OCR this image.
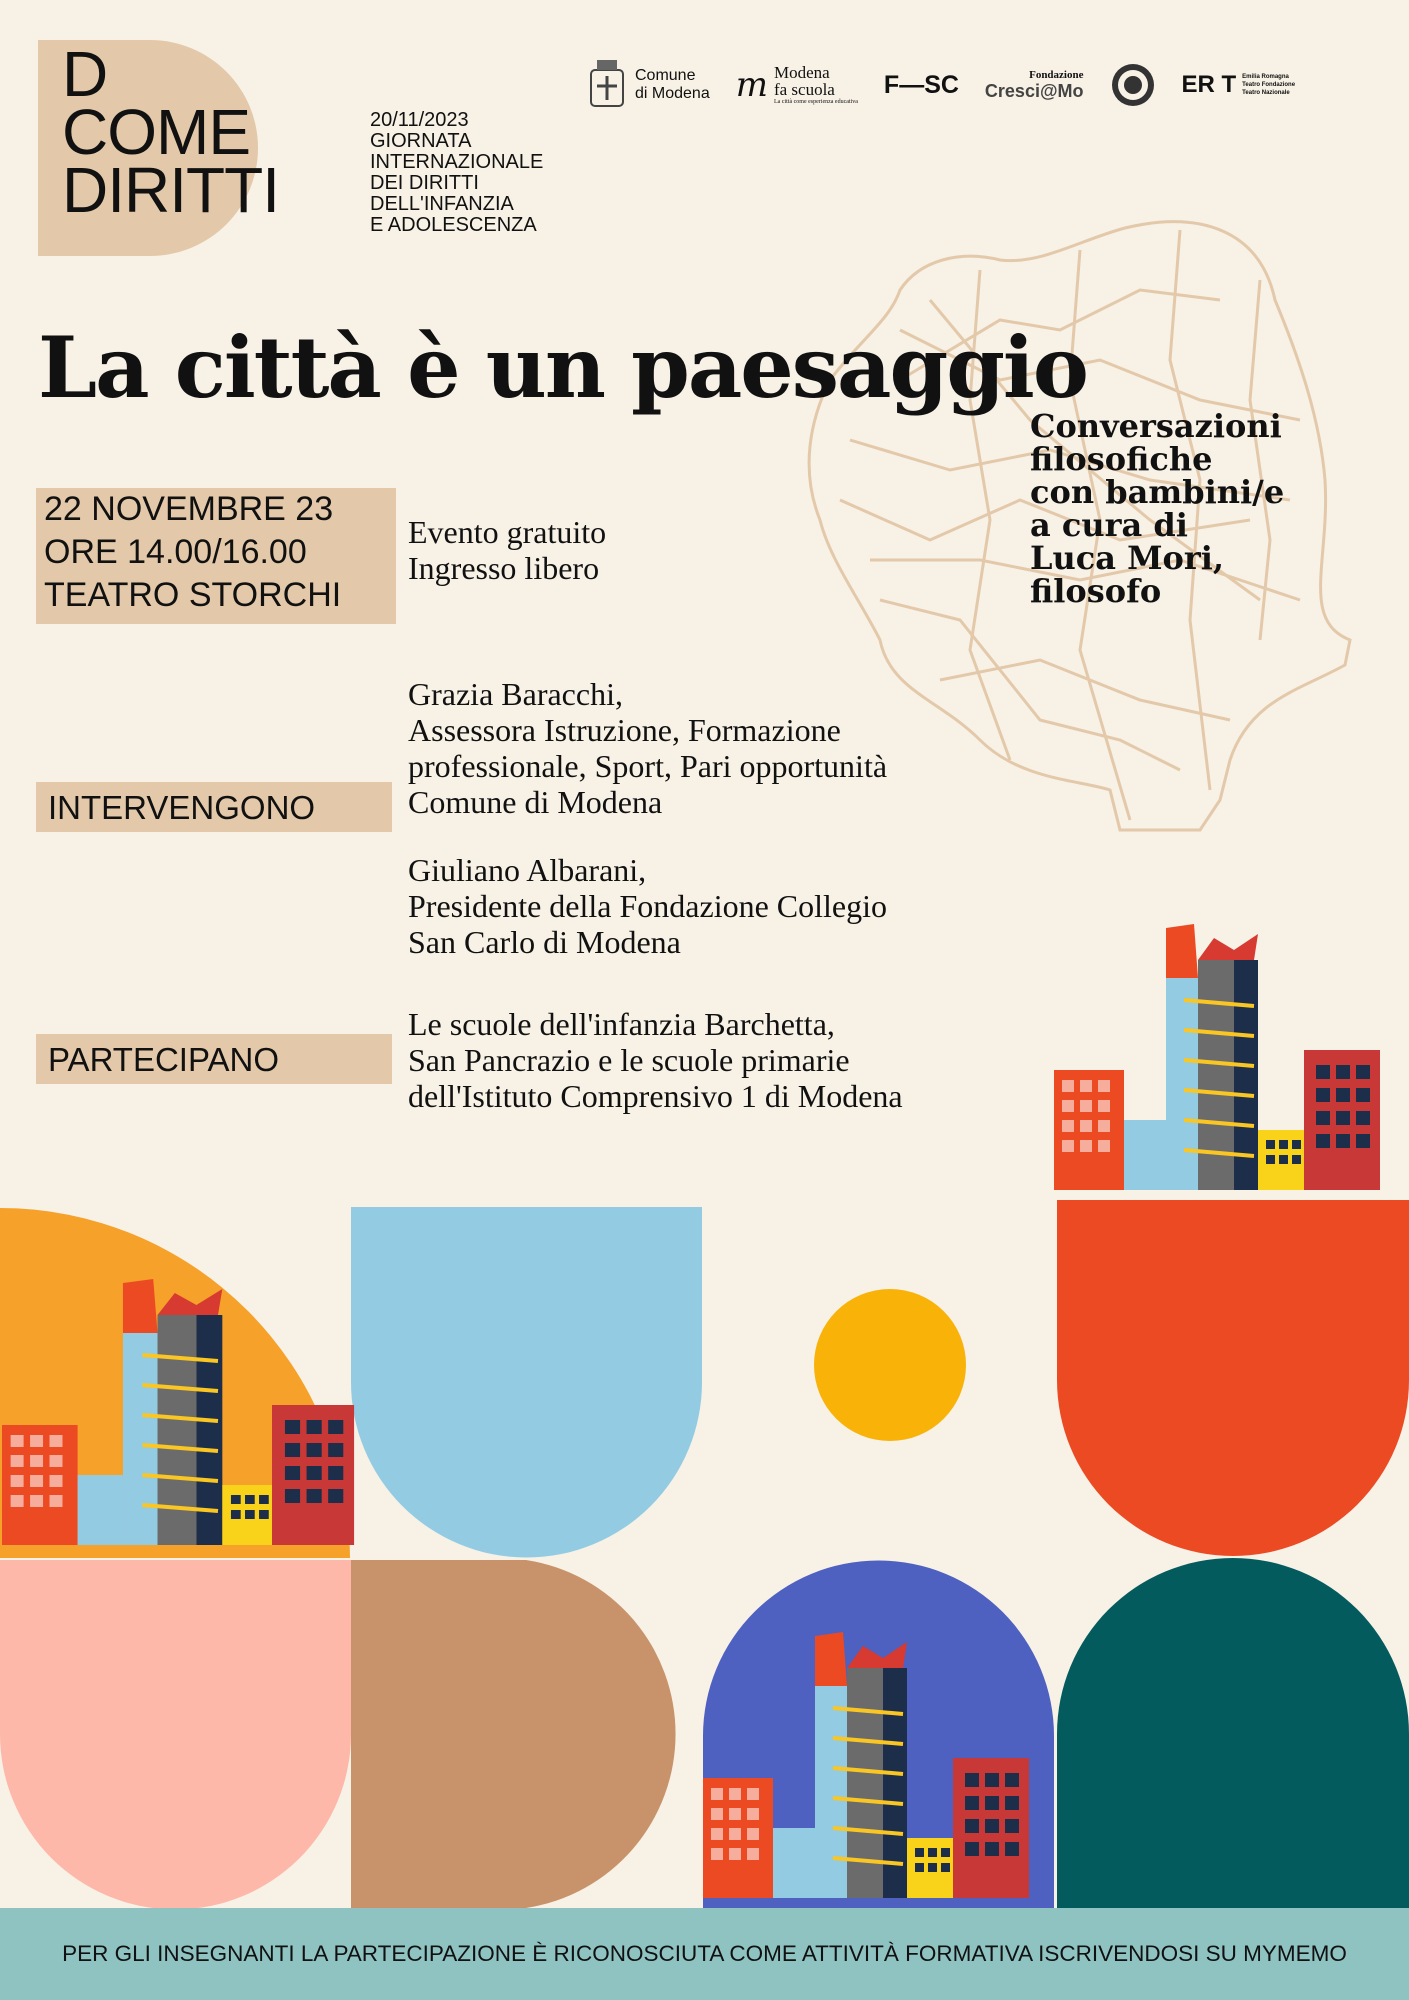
D
COME
DIRITTI
20/11/2023
GIORNATA
INTERNAZIONALE
DEI DIRITTI
DELL'INFANZIA
E ADOLESCENZA
Comune
di Modena m Modena
fa scuola
La città come esperienza educativa
F—SC	Fondazione
Cresci@Mo	ER T Emilia Romagna
Teatro Fondazione
Teatro Nazionale
La città è un paesaggio
Conversazioni
filosofiche
con bambini/e
a cura di
Luca Mori,
filosofo
22 NOVEMBRE 23
ORE 14.00/16.00
TEATRO STORCHI
Evento gratuito
Ingresso libero
INTERVENGONO
Grazia Baracchi,
Assessora Istruzione, Formazione
professionale, Sport, Pari opportunità
Comune di Modena
Giuliano Albarani,
Presidente della Fondazione Collegio
San Carlo di Modena
PARTECIPANO
Le scuole dell'infanzia Barchetta,
San Pancrazio e le scuole primarie
dell'Istituto Comprensivo 1 di Modena
PER GLI INSEGNANTI LA PARTECIPAZIONE È RICONOSCIUTA COME ATTIVITÀ FORMATIVA ISCRIVENDOSI SU MYMEMO
